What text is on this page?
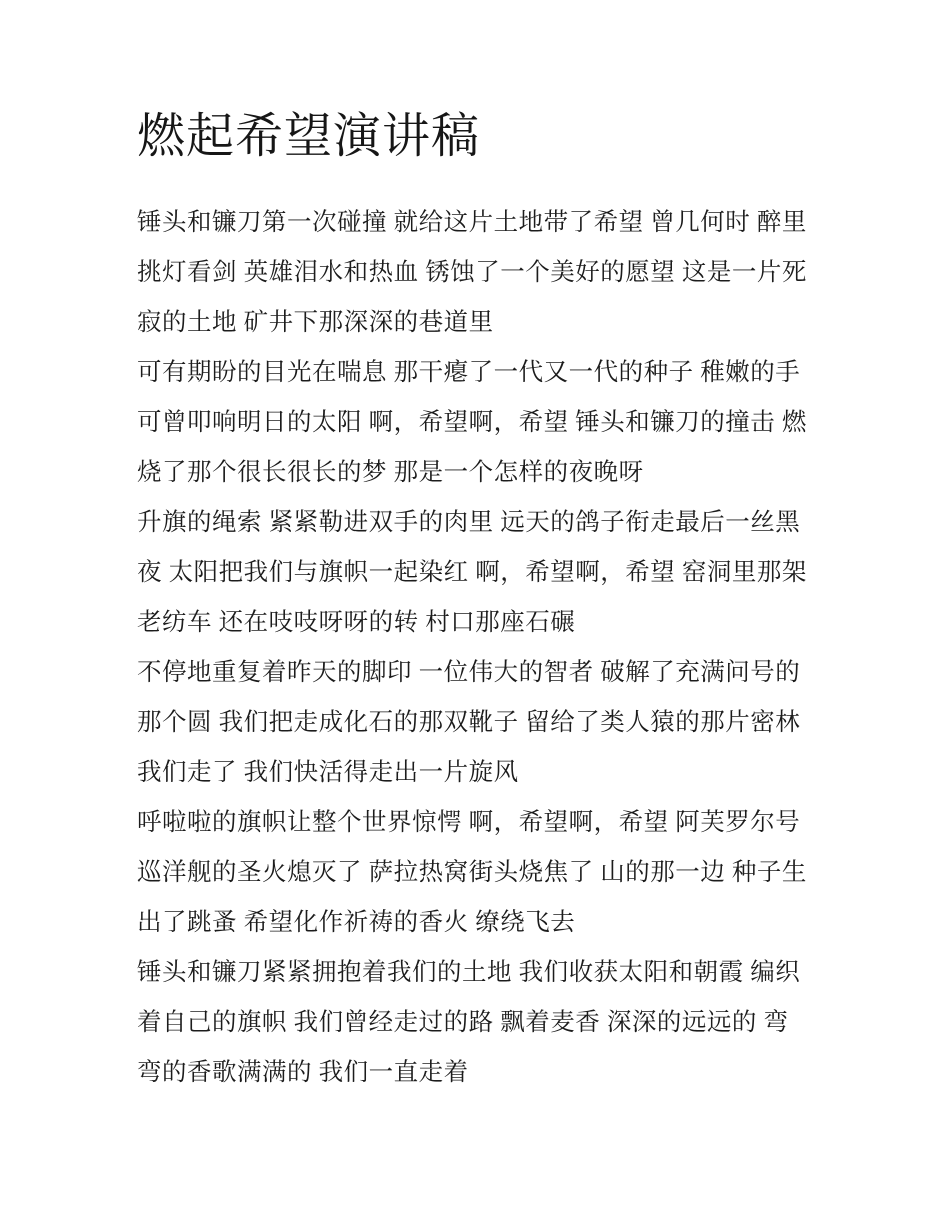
燃起希望演讲稿

锤头和镰刀第一次碰撞 就给这片土地带了希望 曾几何时 醉里
挑灯看剑 英雄泪水和热血 锈蚀了一个美好的愿望 这是一片死
寂的土地 矿井下那深深的巷道里

可有期盼的目光在喘息 那干瘪了一代又一代的种子 稚嫩的手
可曾叩响明日的太阳 啊，希望啊，希望 锤头和镰刀的撞击 燃
烧了那个很长很长的梦 那是一个怎样的夜晚呀

升旗的绳索 紧紧勒进双手的肉里 远天的鸽子衔走最后一丝黑
夜 太阳把我们与旗帜一起染红 啊，希望啊，希望 窑洞里那架
老纺车 还在吱吱呀呀的转 村口那座石碾

不停地重复着昨天的脚印 一位伟大的智者 破解了充满问号的
那个圆 我们把走成化石的那双靴子 留给了类人猿的那片密林
我们走了 我们快活得走出一片旋风

呼啦啦的旗帜让整个世界惊愕 啊，希望啊，希望 阿芙罗尔号
巡洋舰的圣火熄灭了 萨拉热窝街头烧焦了 山的那一边 种子生
出了跳蚤 希望化作祈祷的香火 缭绕飞去

锤头和镰刀紧紧拥抱着我们的土地 我们收获太阳和朝霞 编织
着自己的旗帜 我们曾经走过的路 飘着麦香 深深的远远的 弯
弯的香歌满满的 我们一直走着
